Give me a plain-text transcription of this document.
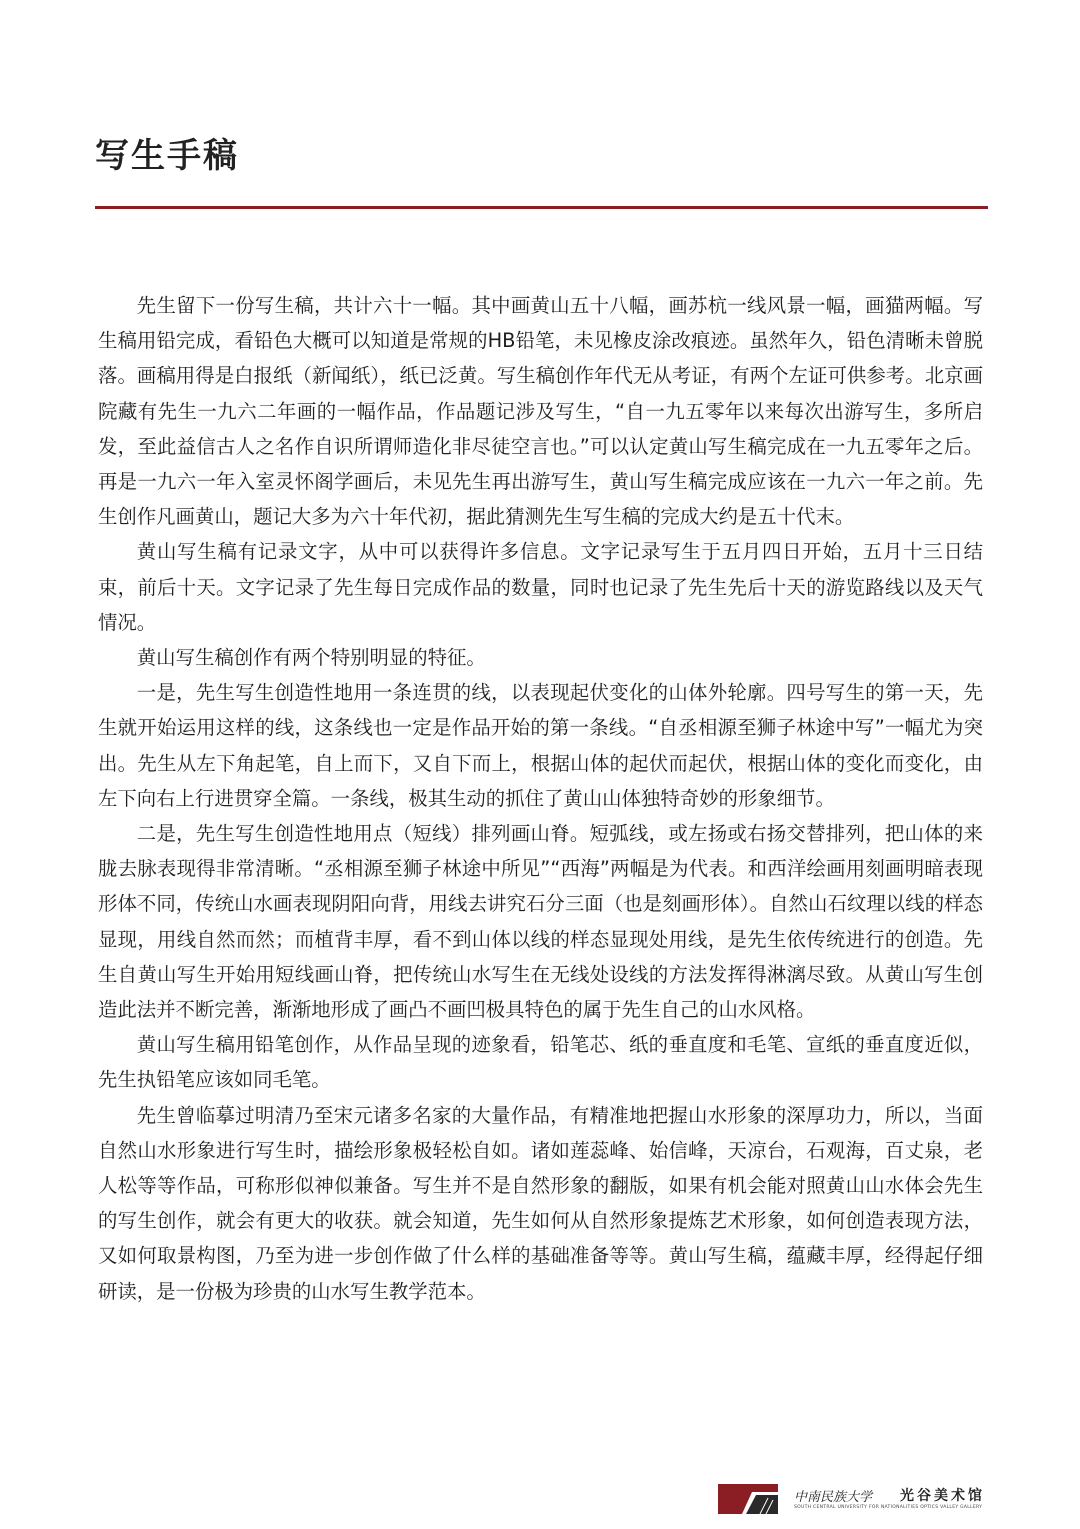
写生手稿

先生留下一份写生稿，共计六十一幅。其中画黄山五十八幅，画苏杭一线风景一幅，画猫两幅。写生稿用铅完成，看铅色大概可以知道是常规的HB铅笔，未见橡皮涂改痕迹。虽然年久，铅色清晰未曾脱落。画稿用得是白报纸（新闻纸），纸已泛黄。写生稿创作年代无从考证，有两个左证可供参考。北京画院藏有先生一九六二年画的一幅作品，作品题记涉及写生，“自一九五零年以来每次出游写生，多所启发，至此益信古人之名作自识所谓师造化非尽徒空言也。”可以认定黄山写生稿完成在一九五零年之后。再是一九六一年入室灵怀阁学画后，未见先生再出游写生，黄山写生稿完成应该在一九六一年之前。先生创作凡画黄山，题记大多为六十年代初，据此猜测先生写生稿的完成大约是五十代末。

黄山写生稿有记录文字，从中可以获得许多信息。文字记录写生于五月四日开始，五月十三日结束，前后十天。文字记录了先生每日完成作品的数量，同时也记录了先生先后十天的游览路线以及天气情况。

黄山写生稿创作有两个特别明显的特征。

一是，先生写生创造性地用一条连贯的线，以表现起伏变化的山体外轮廓。四号写生的第一天，先生就开始运用这样的线，这条线也一定是作品开始的第一条线。“自丞相源至狮子林途中写”一幅尤为突出。先生从左下角起笔，自上而下，又自下而上，根据山体的起伏而起伏，根据山体的变化而变化，由左下向右上行进贯穿全篇。一条线，极其生动的抓住了黄山山体独特奇妙的形象细节。

二是，先生写生创造性地用点（短线）排列画山脊。短弧线，或左扬或右扬交替排列，把山体的来胧去脉表现得非常清晰。“丞相源至狮子林途中所见”“西海”两幅是为代表。和西洋绘画用刻画明暗表现形体不同，传统山水画表现阴阳向背，用线去讲究石分三面（也是刻画形体）。自然山石纹理以线的样态显现，用线自然而然；而植背丰厚，看不到山体以线的样态显现处用线，是先生依传统进行的创造。先生自黄山写生开始用短线画山脊，把传统山水写生在无线处设线的方法发挥得淋漓尽致。从黄山写生创造此法并不断完善，渐渐地形成了画凸不画凹极具特色的属于先生自己的山水风格。

黄山写生稿用铅笔创作，从作品呈现的迹象看，铅笔芯、纸的垂直度和毛笔、宣纸的垂直度近似，先生执铅笔应该如同毛笔。

先生曾临摹过明清乃至宋元诸多名家的大量作品，有精准地把握山水形象的深厚功力，所以，当面自然山水形象进行写生时，描绘形象极轻松自如。诸如莲蕊峰、始信峰，天凉台，石观海，百丈泉，老人松等等作品，可称形似神似兼备。写生并不是自然形象的翻版，如果有机会能对照黄山山水体会先生的写生创作，就会有更大的收获。就会知道，先生如何从自然形象提炼艺术形象，如何创造表现方法，又如何取景构图，乃至为进一步创作做了什么样的基础准备等等。黄山写生稿，蕴藏丰厚，经得起仔细研读，是一份极为珍贵的山水写生教学范本。

中南民族大学 光谷美术馆
SOUTH CENTRAL UNIVERSITY FOR NATIONALITIES OPTICS VALLEY GALLERY
